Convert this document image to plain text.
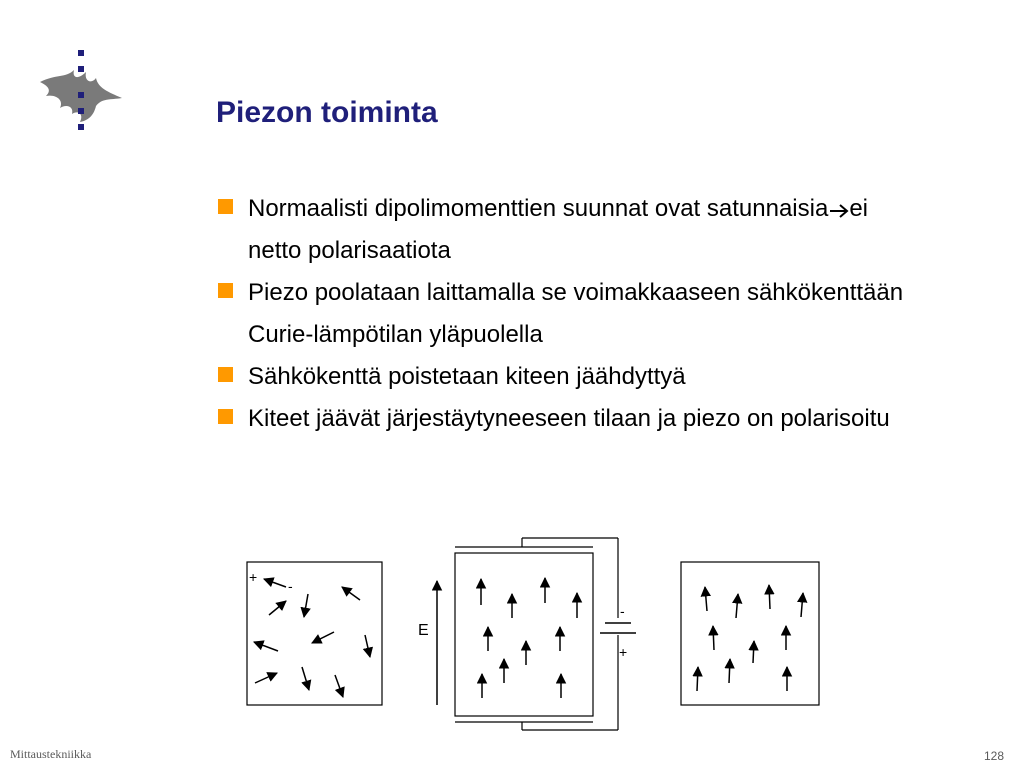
Piezon toiminta
Normaalisti dipolimomenttien suunnat ovat satunnaisia ei netto polarisaatiota
Piezo poolataan laittamalla se voimakkaaseen sähkökenttään Curie-lämpötilan yläpuolella
Sähkökenttä poistetaan kiteen jäähdyttyä
Kiteet jäävät järjestäytyneeseen tilaan ja piezo on polarisoitu
+
-
E
-
+
Mittaustekniikka	128
